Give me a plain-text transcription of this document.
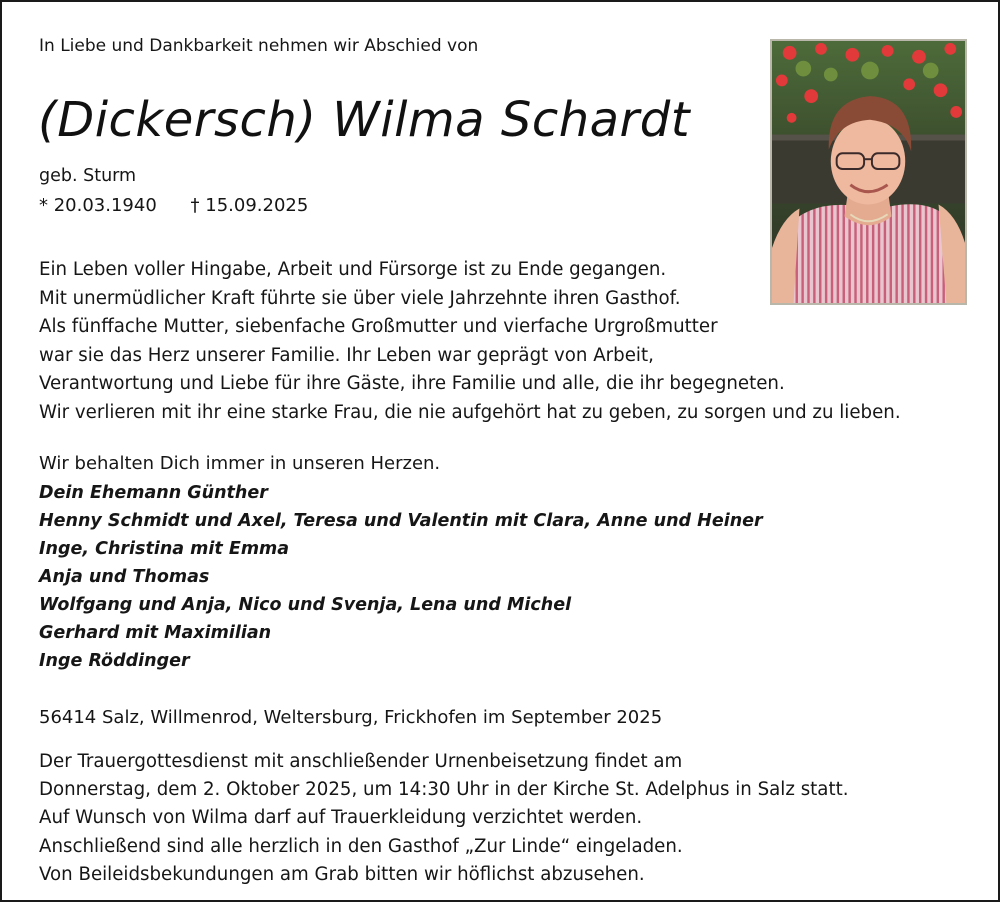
In Liebe und Dankbarkeit nehmen wir Abschied von
(Dickersch) Wilma Schardt
geb. Sturm
* 20.03.1940 † 15.09.2025
Ein Leben voller Hingabe, Arbeit und Fürsorge ist zu Ende gegangen.
Mit unermüdlicher Kraft führte sie über viele Jahrzehnte ihren Gasthof.
Als fünffache Mutter, siebenfache Großmutter und vierfache Urgroßmutter
war sie das Herz unserer Familie. Ihr Leben war geprägt von Arbeit,
Verantwortung und Liebe für ihre Gäste, ihre Familie und alle, die ihr begegneten.
Wir verlieren mit ihr eine starke Frau, die nie aufgehört hat zu geben, zu sorgen und zu lieben.
Wir behalten Dich immer in unseren Herzen.
Dein Ehemann Günther
Henny Schmidt und Axel, Teresa und Valentin mit Clara, Anne und Heiner
Inge, Christina mit Emma
Anja und Thomas
Wolfgang und Anja, Nico und Svenja, Lena und Michel
Gerhard mit Maximilian
Inge Röddinger
56414 Salz, Willmenrod, Weltersburg, Frickhofen im September 2025
Der Trauergottesdienst mit anschließender Urnenbeisetzung findet am
Donnerstag, dem 2. Oktober 2025, um 14:30 Uhr in der Kirche St. Adelphus in Salz statt.
Auf Wunsch von Wilma darf auf Trauerkleidung verzichtet werden.
Anschließend sind alle herzlich in den Gasthof „Zur Linde“ eingeladen.
Von Beileidsbekundungen am Grab bitten wir höflichst abzusehen.
